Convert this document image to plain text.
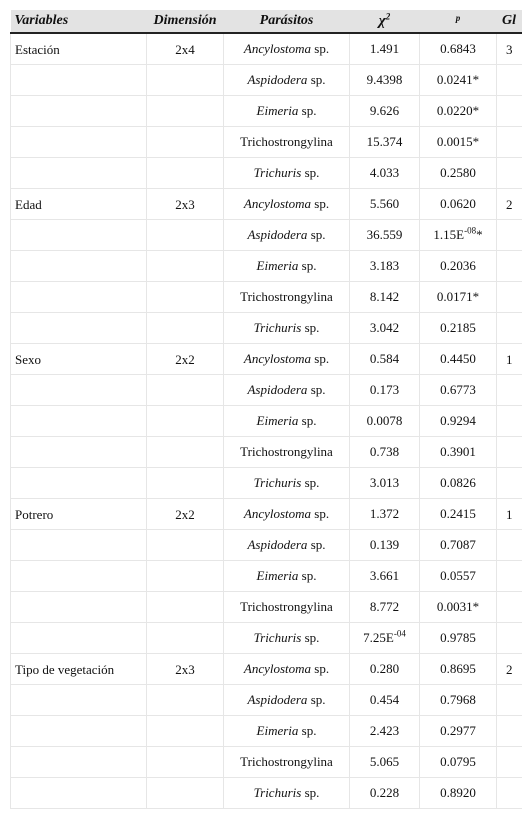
Variables	Dimensión	Parásitos	$\chi^2$	$^p$	Gl
Estación	2x4	Ancylostoma sp.	1.491	0.6843	3
		Aspidodera sp.	9.4398	0.0241*	
		Eimeria sp.	9.626	0.0220*	
		Trichostrongylina	15.374	0.0015*	
		Trichuris sp.	4.033	0.2580	
Edad	2x3	Ancylostoma sp.	5.560	0.0620	2
		Aspidodera sp.	36.559	$1.15E^{-08}*$	
		Eimeria sp.	3.183	0.2036	
		Trichostrongylina	8.142	0.0171*	
		Trichuris sp.	3.042	0.2185	
Sexo	2x2	Ancylostoma sp.	0.584	0.4450	1
		Aspidodera sp.	0.173	0.6773	
		Eimeria sp.	0.0078	0.9294	
		Trichostrongylina	0.738	0.3901	
		Trichuris sp.	3.013	0.0826	
Potrero	2x2	Ancylostoma sp.	1.372	0.2415	1
		Aspidodera sp.	0.139	0.7087	
		Eimeria sp.	3.661	0.0557	
		Trichostrongylina	8.772	0.0031*	
		Trichuris sp.	$7.25E^{-04}$	0.9785	
Tipo de vegetación	2x3	Ancylostoma sp.	0.280	0.8695	2
		Aspidodera sp.	0.454	0.7968	
		Eimeria sp.	2.423	0.2977	
		Trichostrongylina	5.065	0.0795	
		Trichuris sp.	0.228	0.8920	
